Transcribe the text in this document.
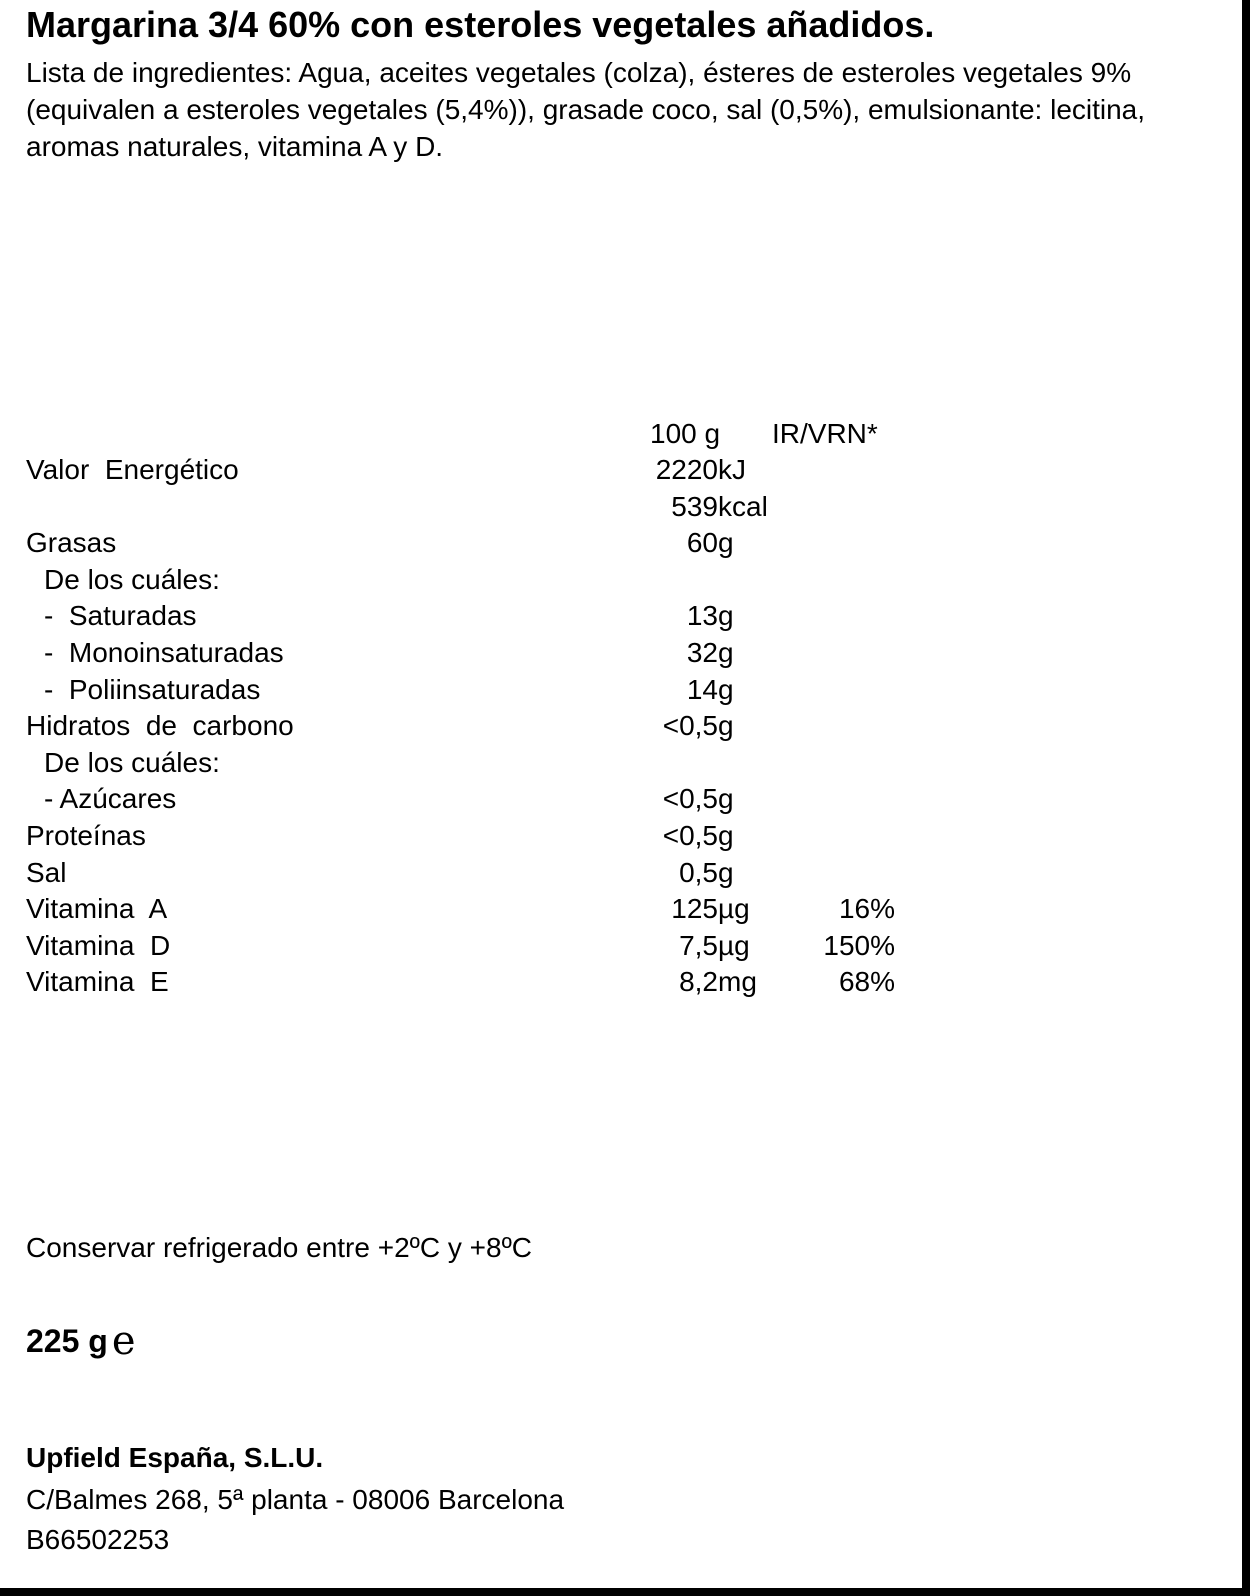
Margarina 3/4 60% con esteroles vegetales añadidos.
Lista de ingredientes: Agua, aceites vegetales (colza), ésteres de esteroles vegetales 9% (equivalen a esteroles vegetales (5,4%)), grasade coco, sal (0,5%), emulsionante: lecitina, aromas naturales, vitamina A y D.
100 g IR/VRN*
Valor  Energético	2220 kJ
539 kcal
Grasas	60 g
De los cuáles:
-  Saturadas	13 g
-  Monoinsaturadas	32 g
-  Poliinsaturadas	14 g
Hidratos  de  carbono	<0,5 g
De los cuáles:
- Azúcares	<0,5 g
Proteínas	<0,5 g
Sal	0,5 g
Vitamina  A	125 µg	16%
Vitamina  D	7,5 µg	150%
Vitamina  E	8,2 mg	68%
Conservar refrigerado entre +2ºC y +8ºC
225 g e
Upfield España, S.L.U.
C/Balmes 268, 5ª planta - 08006 Barcelona
B66502253
